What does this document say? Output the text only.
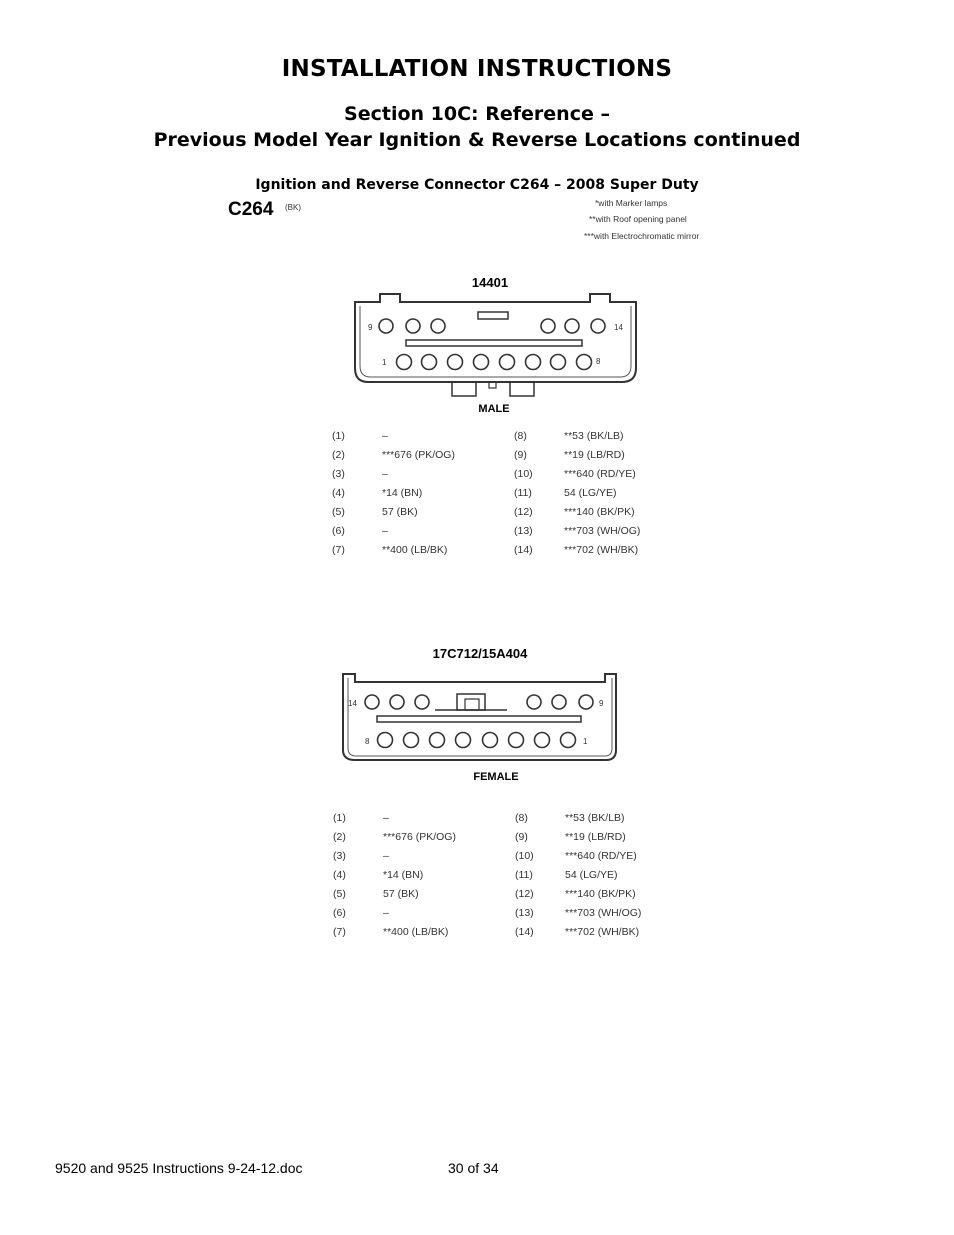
INSTALLATION INSTRUCTIONS
Section 10C: Reference –
Previous Model Year Ignition & Reverse Locations continued
Ignition and Reverse Connector C264 – 2008 Super Duty
C264 (BK)	*with Marker lamps
**with Roof opening panel
***with Electrochromatic mirror
14401
9	14
1	8
MALE
(1)	–	(8)	**53 (BK/LB)
(2)	***676 (PK/OG)	(9)	**19 (LB/RD)
(3)	–	(10)	***640 (RD/YE)
(4)	*14 (BN)	(11)	54 (LG/YE)
(5)	57 (BK)	(12)	***140 (BK/PK)
(6)	–	(13)	***703 (WH/OG)
(7)	**400 (LB/BK)	(14)	***702 (WH/BK)
17C712/15A404
14	9
8	1
FEMALE
(1)	–	(8)	**53 (BK/LB)
(2)	***676 (PK/OG)	(9)	**19 (LB/RD)
(3)	–	(10)	***640 (RD/YE)
(4)	*14 (BN)	(11)	54 (LG/YE)
(5)	57 (BK)	(12)	***140 (BK/PK)
(6)	–	(13)	***703 (WH/OG)
(7)	**400 (LB/BK)	(14)	***702 (WH/BK)
9520 and 9525 Instructions 9-24-12.doc	30 of 34
